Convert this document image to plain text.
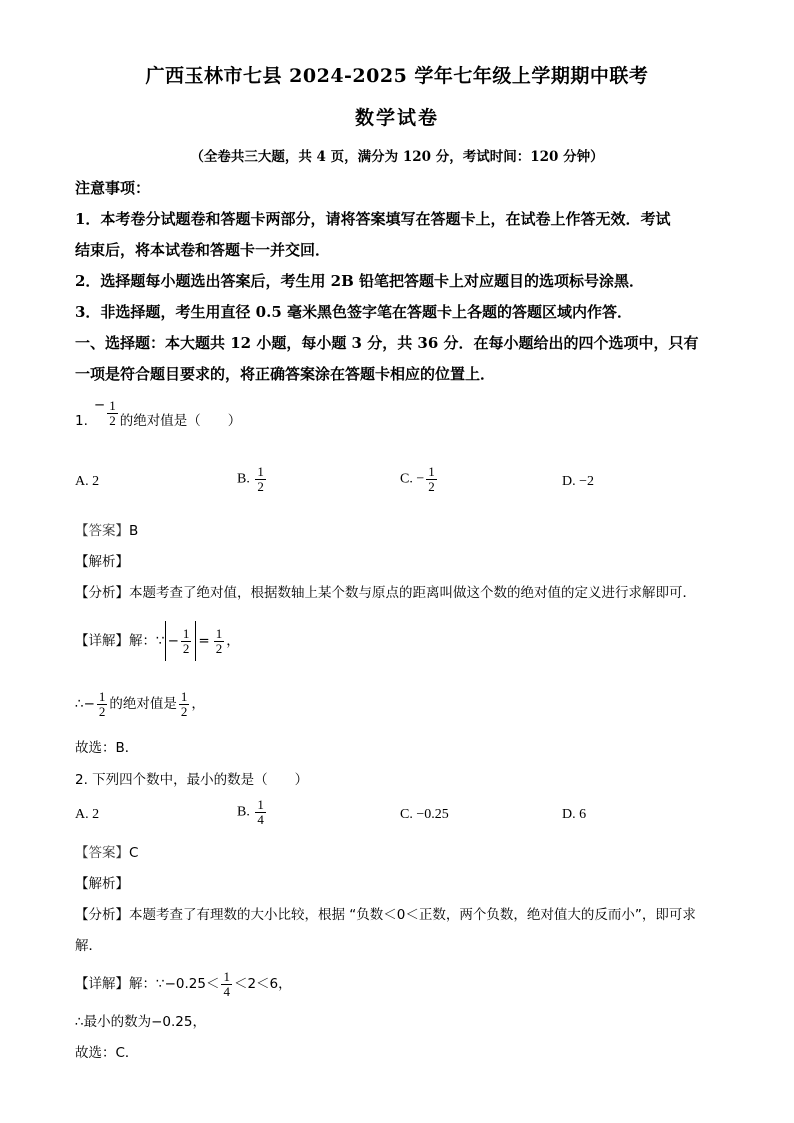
广西玉林市七县 2024-2025 学年七年级上学期期中联考
数学试卷
（全卷共三大题，共 4 页，满分为 120 分，考试时间：120 分钟）
注意事项：
1．本考卷分试题卷和答题卡两部分，请将答案填写在答题卡上，在试卷上作答无效．考试
结束后，将本试卷和答题卡一并交回．
2．选择题每小题选出答案后，考生用 2B 铅笔把答题卡上对应题目的选项标号涂黑．
3．非选择题，考生用直径 0.5 毫米黑色签字笔在答题卡上各题的答题区域内作答．
一、选择题：本大题共 12 小题，每小题 3 分，共 36 分．在每小题给出的四个选项中，只有
一项是符合题目要求的，将正确答案涂在答题卡相应的位置上．
$1.- \frac{1}{2}$ 的绝对值是（　　）
A. 2	B. $\frac{1}{2}$	C. − $\frac{1}{2}$	D. −2
【答案】B
【解析】
【分析】本题考查了绝对值，根据数轴上某个数与原点的距离叫做这个数的绝对值的定义进行求解即可．
【详解】解：∵ − $\frac{1}{2} = \frac{1}{2}$ ，
∴− $\frac{1}{2}$ 的绝对值是 $\frac{1}{2}$ ，
故选：B．
2. 下列四个数中，最小的数是（　　）
A. 2	B. $\frac{1}{4}$	C. −0.25	D. 6
【答案】C
【解析】
【分析】本题考查了有理数的大小比较，根据 “负数＜0＜正数，两个负数，绝对值大的反而小”，即可求
解．
【详解】解：∵−0.25＜ $\frac{1}{4} <2<6$，
∴最小的数为−0.25，
故选：C．
